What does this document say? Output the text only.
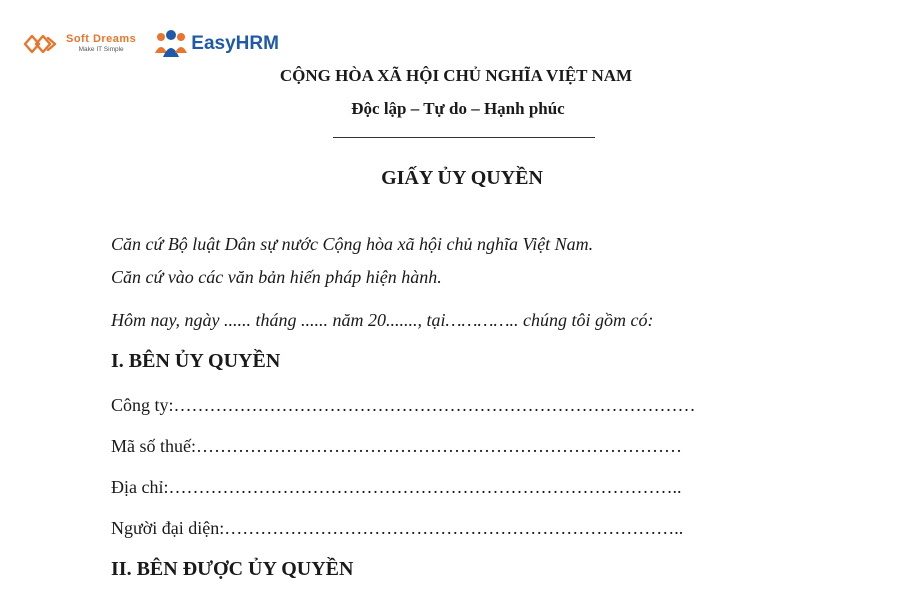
Soft Dreams
Make IT Simple	EasyHRM
CỘNG HÒA XÃ HỘI CHỦ NGHĨA VIỆT NAM
Độc lập – Tự do – Hạnh phúc
GIẤY ỦY QUYỀN
Căn cứ Bộ luật Dân sự nước Cộng hòa xã hội chủ nghĩa Việt Nam.
Căn cứ vào các văn bản hiến pháp hiện hành.
Hôm nay, ngày ...... tháng ...... năm 20......., tại………….. chúng tôi gồm có:
I. BÊN ỦY QUYỀN
Công ty:……………………………………………………………………………
Mã số thuế:………………………………………………………………………
Địa chỉ:…………………………………………………………………………..
Người đại diện:…………………………………………………………………..
II. BÊN ĐƯỢC ỦY QUYỀN
